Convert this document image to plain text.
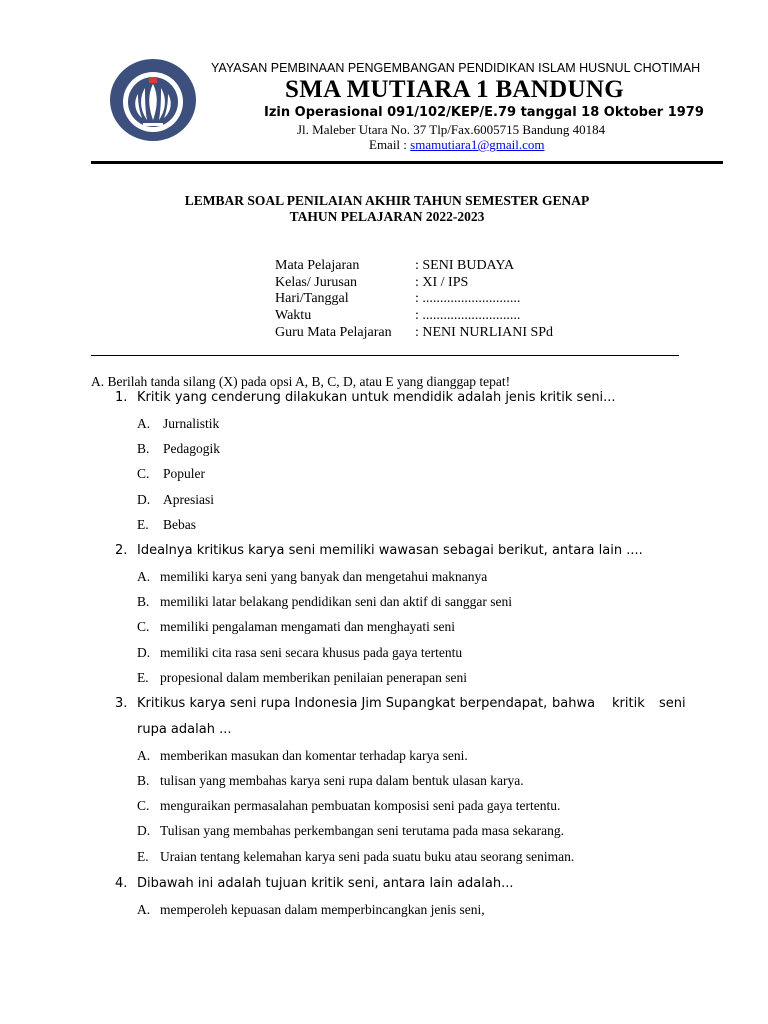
YAYASAN PEMBINAAN PENGEMBANGAN PENDIDIKAN ISLAM HUSNUL CHOTIMAH
SMA MUTIARA 1 BANDUNG
Izin Operasional 091/102/KEP/E.79 tanggal 18 Oktober 1979
Jl. Maleber Utara No. 37 Tlp/Fax.6005715 Bandung 40184
Email : smamutiara1@gmail.com
LEMBAR SOAL PENILAIAN AKHIR TAHUN SEMESTER GENAP
TAHUN PELAJARAN 2022-2023
Mata Pelajaran	: SENI BUDAYA
Kelas/ Jurusan	: XI / IPS
Hari/Tanggal	: ............................
Waktu	: ............................
Guru Mata Pelajaran : NENI NURLIANI SPd
A. Berilah tanda silang (X) pada opsi A, B, C, D, atau E yang dianggap tepat!
1. Kritik yang cenderung dilakukan untuk mendidik adalah jenis kritik seni...
A. Jurnalistik
B. Pedagogik
C. Populer
D. Apresiasi
E. Bebas
2. Idealnya kritikus karya seni memiliki wawasan sebagai berikut, antara lain ....
A. memiliki karya seni yang banyak dan mengetahui maknanya
B. memiliki latar belakang pendidikan seni dan aktif di sanggar seni
C. memiliki pengalaman mengamati dan menghayati seni
D. memiliki cita rasa seni secara khusus pada gaya tertentu
E. propesional dalam memberikan penilaian penerapan seni
3. Kritikus karya seni rupa Indonesia Jim Supangkat berpendapat, bahwa kritik seni
rupa adalah ...
A. memberikan masukan dan komentar terhadap karya seni.
B. tulisan yang membahas karya seni rupa dalam bentuk ulasan karya.
C. menguraikan permasalahan pembuatan komposisi seni pada gaya tertentu.
D. Tulisan yang membahas perkembangan seni terutama pada masa sekarang.
E. Uraian tentang kelemahan karya seni pada suatu buku atau seorang seniman.
4. Dibawah ini adalah tujuan kritik seni, antara lain adalah...
A. memperoleh kepuasan dalam memperbincangkan jenis seni,
